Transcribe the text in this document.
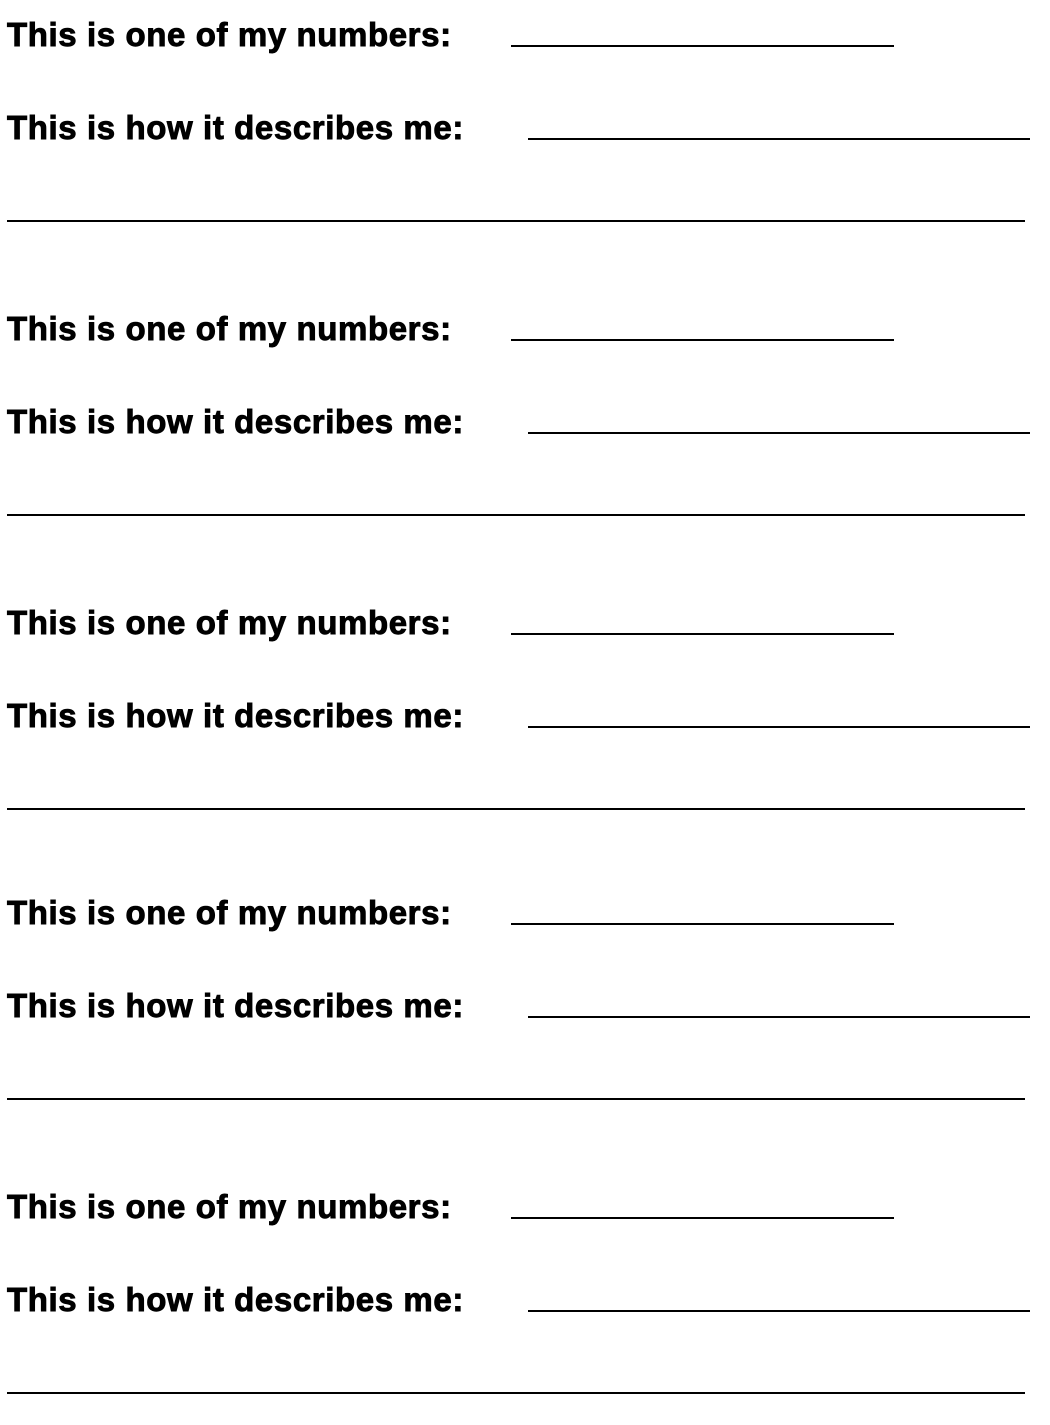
This is one of my numbers:
This is how it describes me:
This is one of my numbers:
This is how it describes me:
This is one of my numbers:
This is how it describes me:
This is one of my numbers:
This is how it describes me:
This is one of my numbers:
This is how it describes me:
